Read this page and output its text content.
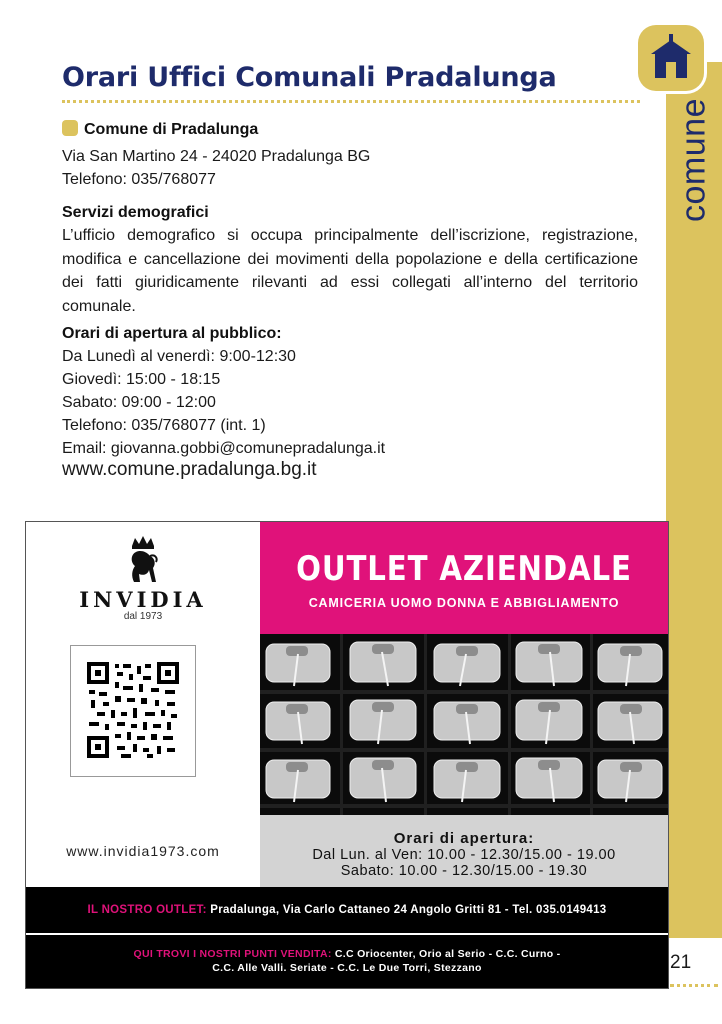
comune
21
Orari Uffici Comunali Pradalunga
Comune di Pradalunga
Via San Martino 24 - 24020 Pradalunga BG
Telefono: 035/768077
Servizi demografici

L’ufficio demografico si occupa principalmente dell’iscrizione, registrazione, modifica e cancellazione dei movimenti della popolazione e della certificazione dei fatti giuridicamente rilevanti ad essi collegati all’interno del territorio comunale.

Orari di apertura al pubblico:
Da Lunedì al venerdì: 9:00-12:30
Giovedì: 15:00 - 18:15
Sabato: 09:00 - 12:00
Telefono: 035/768077 (int. 1)
Email: giovanna.gobbi@comunepradalunga.it
www.comune.pradalunga.bg.it
INVIDIA
dal 1973
www.invidia1973.com
OUTLET AZIENDALE
CAMICERIA UOMO DONNA E ABBIGLIAMENTO
Orari di apertura:
Dal Lun. al Ven: 10.00 - 12.30/15.00 - 19.00
Sabato: 10.00 - 12.30/15.00 - 19.30
IL NOSTRO OUTLET: Pradalunga, Via Carlo Cattaneo 24 Angolo Gritti 81 - Tel. 035.0149413
QUI TROVI I NOSTRI PUNTI VENDITA: C.C Oriocenter, Orio al Serio - C.C. Curno -
C.C. Alle Valli. Seriate - C.C. Le Due Torri, Stezzano
